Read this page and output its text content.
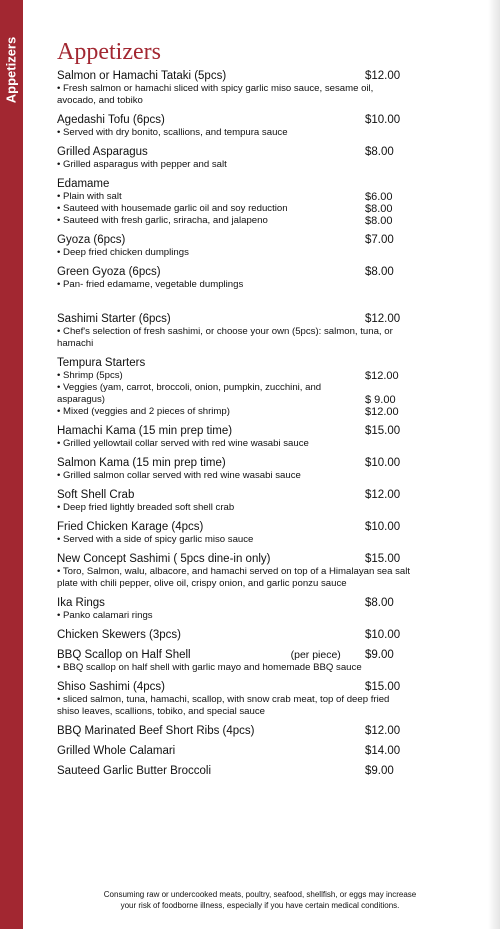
Appetizers Appetizers
Salmon or Hamachi Tataki (5pcs)	$12.00
• Fresh salmon or hamachi sliced with spicy garlic miso sauce, sesame oil, avocado, and tobiko
Agedashi Tofu (6pcs)	$10.00
• Served with dry bonito, scallions, and tempura sauce
Grilled Asparagus	$8.00
• Grilled asparagus with pepper and salt
Edamame
• Plain with salt	$6.00
• Sauteed with housemade garlic oil and soy reduction	$8.00
• Sauteed with fresh garlic, sriracha, and jalapeno	$8.00
Gyoza (6pcs)	$7.00
• Deep fried chicken dumplings
Green Gyoza (6pcs)	$8.00
• Pan- fried edamame, vegetable dumplings
Sashimi Starter (6pcs)	$12.00
• Chef's selection of fresh sashimi, or choose your own (5pcs): salmon, tuna, or hamachi
Tempura Starters
• Shrimp (5pcs)	$12.00
• Veggies (yam, carrot, broccoli, onion, pumpkin, zucchini, and asparagus)	$ 9.00
• Mixed (veggies and 2 pieces of shrimp)	$12.00
Hamachi Kama (15 min prep time)	$15.00
• Grilled yellowtail collar served with red wine wasabi sauce
Salmon Kama (15 min prep time)	$10.00
• Grilled salmon collar served with red wine wasabi sauce
Soft Shell Crab	$12.00
• Deep fried lightly breaded soft shell crab
Fried Chicken Karage (4pcs)	$10.00
• Served with a side of spicy garlic miso sauce
New Concept Sashimi ( 5pcs dine-in only)	$15.00
• Toro, Salmon, walu, albacore, and hamachi served on top of a Himalayan sea salt plate with chili pepper, olive oil, crispy onion, and garlic ponzu sauce
Ika Rings	$8.00
• Panko calamari rings
Chicken Skewers (3pcs)	$10.00
BBQ Scallop on Half Shell	(per piece) $9.00
• BBQ scallop on half shell with garlic mayo and homemade BBQ sauce
Shiso Sashimi (4pcs)	$15.00
• sliced salmon, tuna, hamachi, scallop, with snow crab meat, top of deep fried shiso leaves, scallions, tobiko, and special sauce
BBQ Marinated Beef Short Ribs (4pcs)	$12.00
Grilled Whole Calamari	$14.00
Sauteed Garlic Butter Broccoli	$9.00
Consuming raw or undercooked meats, poultry, seafood, shellfish, or eggs may increase
your risk of foodborne illness, especially if you have certain medical conditions.
